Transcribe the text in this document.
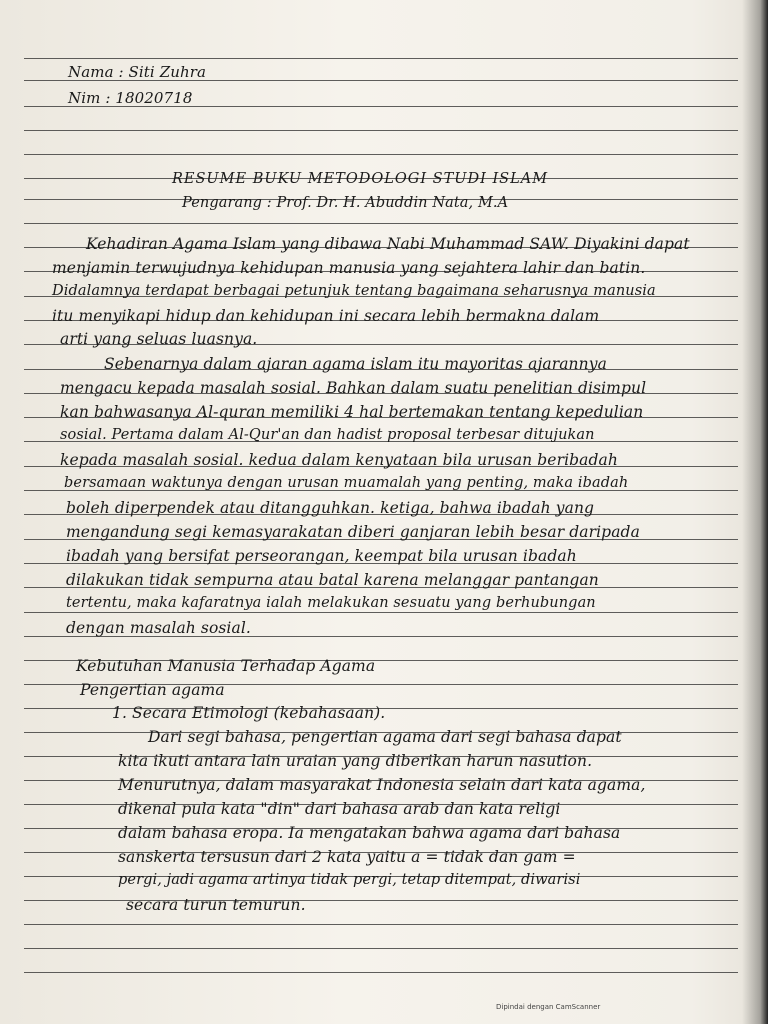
Nama : Siti Zuhra
Nim : 18020718
RESUME BUKU METODOLOGI STUDI ISLAM
Pengarang : Prof. Dr. H. Abuddin Nata, M.A
Kehadiran Agama Islam yang dibawa Nabi Muhammad SAW. Diyakini dapat
menjamin terwujudnya kehidupan manusia yang sejahtera lahir dan batin.
Didalamnya terdapat berbagai petunjuk tentang bagaimana seharusnya manusia
itu menyikapi hidup dan kehidupan ini secara lebih bermakna dalam
arti yang seluas luasnya.
Sebenarnya dalam ajaran agama islam itu mayoritas ajarannya
mengacu kepada masalah sosial. Bahkan dalam suatu penelitian disimpul
kan bahwasanya Al-quran memiliki 4 hal bertemakan tentang kepedulian
sosial. Pertama dalam Al-Qur'an dan hadist proposal terbesar ditujukan
kepada masalah sosial. kedua dalam kenyataan bila urusan beribadah
bersamaan waktunya dengan urusan muamalah yang penting, maka ibadah
boleh diperpendek atau ditangguhkan. ketiga, bahwa ibadah yang
mengandung segi kemasyarakatan diberi ganjaran lebih besar daripada
ibadah yang bersifat perseorangan, keempat bila urusan ibadah
dilakukan tidak sempurna atau batal karena melanggar pantangan
tertentu, maka kafaratnya ialah melakukan sesuatu yang berhubungan
dengan masalah sosial.
Kebutuhan Manusia Terhadap Agama
Pengertian agama
1. Secara Etimologi (kebahasaan).
Dari segi bahasa, pengertian agama dari segi bahasa dapat
kita ikuti antara lain uraian yang diberikan harun nasution.
Menurutnya, dalam masyarakat Indonesia selain dari kata agama,
dikenal pula kata "din" dari bahasa arab dan kata religi
dalam bahasa eropa. Ia mengatakan bahwa agama dari bahasa
sanskerta tersusun dari 2 kata yaitu a = tidak dan gam =
pergi, jadi agama artinya tidak pergi, tetap ditempat, diwarisi
secara turun temurun.
Dipindai dengan CamScanner
